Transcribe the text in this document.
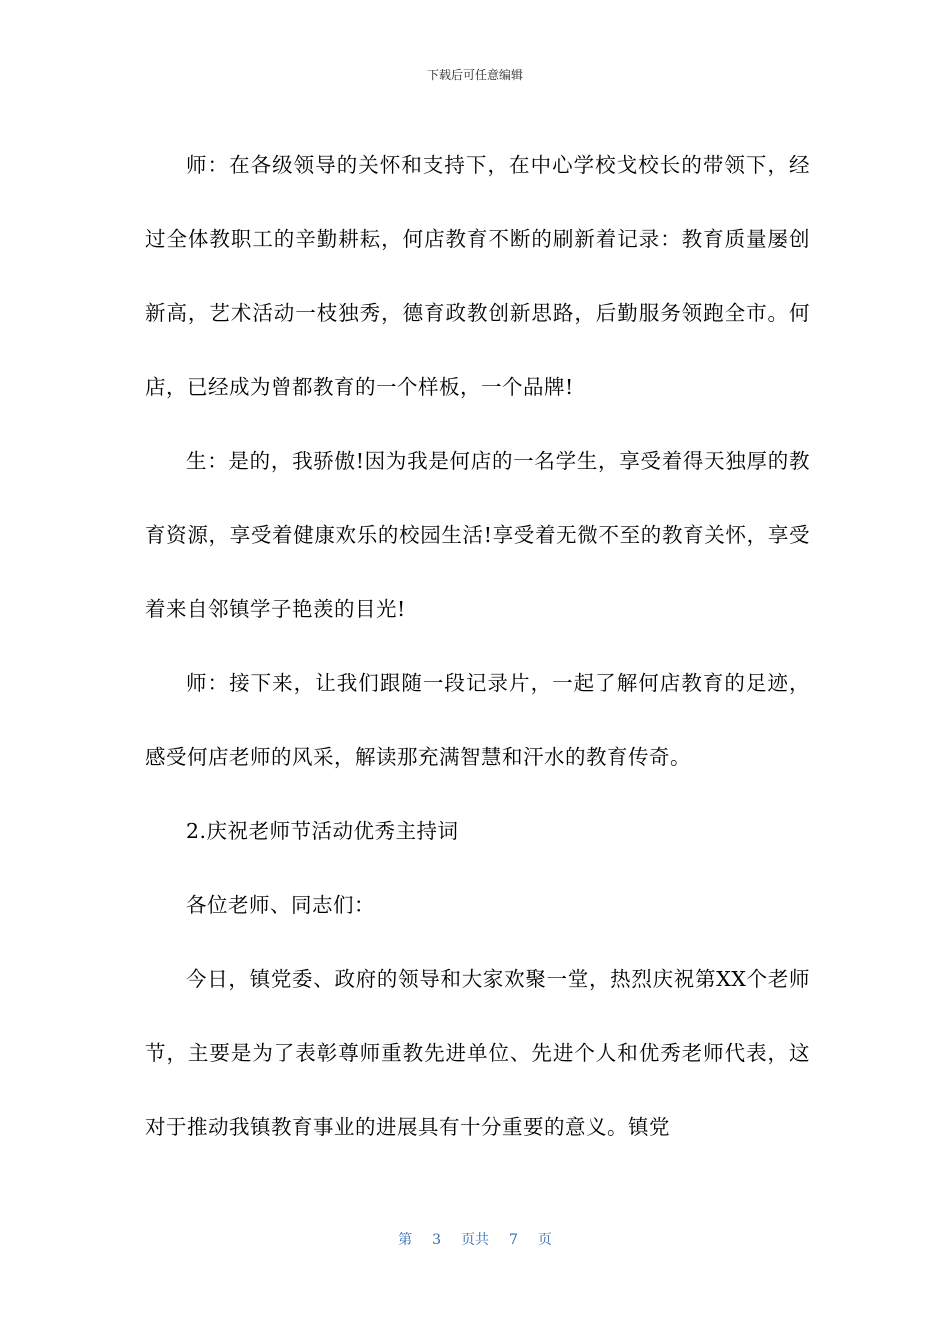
下载后可任意编辑

师：在各级领导的关怀和支持下，在中心学校戈校长的带领下，经过全体教职工的辛勤耕耘，何店教育不断的刷新着记录：教育质量屡创新高，艺术活动一枝独秀，德育政教创新思路，后勤服务领跑全市。何店，已经成为曾都教育的一个样板，一个品牌!

生：是的，我骄傲!因为我是何店的一名学生，享受着得天独厚的教育资源，享受着健康欢乐的校园生活!享受着无微不至的教育关怀，享受着来自邻镇学子艳羡的目光!

师：接下来，让我们跟随一段记录片，一起了解何店教育的足迹，感受何店老师的风采，解读那充满智慧和汗水的教育传奇。

2.庆祝老师节活动优秀主持词

各位老师、同志们：

今日，镇党委、政府的领导和大家欢聚一堂，热烈庆祝第XX个老师节，主要是为了表彰尊师重教先进单位、先进个人和优秀老师代表，这对于推动我镇教育事业的进展具有十分重要的意义。镇党

第 3 页共 7 页
